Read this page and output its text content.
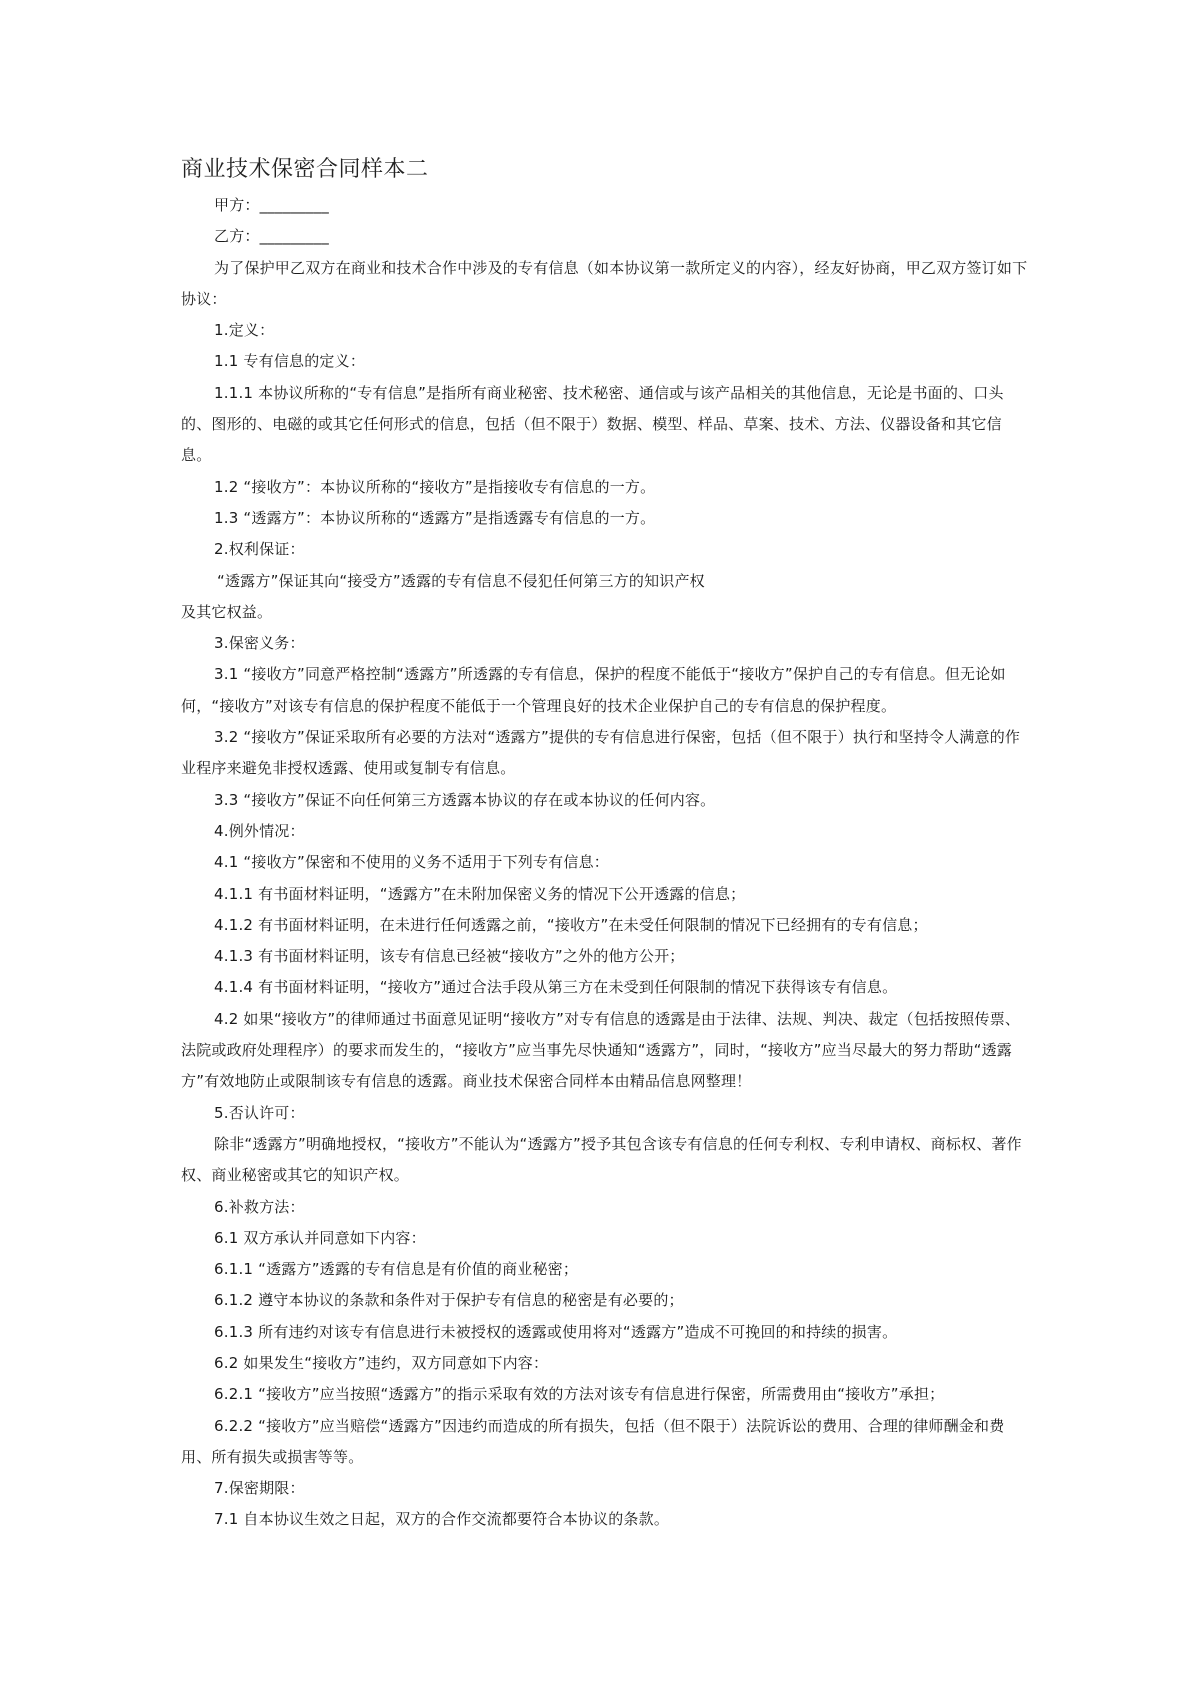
商业技术保密合同样本二

甲方：_________

乙方：_________

为了保护甲乙双方在商业和技术合作中涉及的专有信息（如本协议第一款所定义的内容），经友好协商，甲乙双方签订如下协议：

1.定义：

1.1 专有信息的定义：

1.1.1 本协议所称的“专有信息”是指所有商业秘密、技术秘密、通信或与该产品相关的其他信息，无论是书面的、口头的、图形的、电磁的或其它任何形式的信息，包括（但不限于）数据、模型、样品、草案、技术、方法、仪器设备和其它信息。

1.2 “接收方”：本协议所称的“接收方”是指接收专有信息的一方。

1.3 “透露方”：本协议所称的“透露方”是指透露专有信息的一方。

2.权利保证：

“透露方”保证其向“接受方”透露的专有信息不侵犯任何第三方的知识产权

及其它权益。

3.保密义务：

3.1 “接收方”同意严格控制“透露方”所透露的专有信息，保护的程度不能低于“接收方”保护自己的专有信息。但无论如何，“接收方”对该专有信息的保护程度不能低于一个管理良好的技术企业保护自己的专有信息的保护程度。

3.2 “接收方”保证采取所有必要的方法对“透露方”提供的专有信息进行保密，包括（但不限于）执行和坚持令人满意的作业程序来避免非授权透露、使用或复制专有信息。

3.3 “接收方”保证不向任何第三方透露本协议的存在或本协议的任何内容。

4.例外情况：

4.1 “接收方”保密和不使用的义务不适用于下列专有信息：

4.1.1 有书面材料证明，“透露方”在未附加保密义务的情况下公开透露的信息；

4.1.2 有书面材料证明，在未进行任何透露之前，“接收方”在未受任何限制的情况下已经拥有的专有信息；

4.1.3 有书面材料证明，该专有信息已经被“接收方”之外的他方公开；

4.1.4 有书面材料证明，“接收方”通过合法手段从第三方在未受到任何限制的情况下获得该专有信息。

4.2 如果“接收方”的律师通过书面意见证明“接收方”对专有信息的透露是由于法律、法规、判决、裁定（包括按照传票、法院或政府处理程序）的要求而发生的，“接收方”应当事先尽快通知“透露方”，同时，“接收方”应当尽最大的努力帮助“透露方”有效地防止或限制该专有信息的透露。商业技术保密合同样本由精品信息网整理！

5.否认许可：

除非“透露方”明确地授权，“接收方”不能认为“透露方”授予其包含该专有信息的任何专利权、专利申请权、商标权、著作权、商业秘密或其它的知识产权。

6.补救方法：

6.1 双方承认并同意如下内容：

6.1.1 “透露方”透露的专有信息是有价值的商业秘密；

6.1.2 遵守本协议的条款和条件对于保护专有信息的秘密是有必要的；

6.1.3 所有违约对该专有信息进行未被授权的透露或使用将对“透露方”造成不可挽回的和持续的损害。

6.2 如果发生“接收方”违约，双方同意如下内容：

6.2.1 “接收方”应当按照“透露方”的指示采取有效的方法对该专有信息进行保密，所需费用由“接收方”承担；

6.2.2 “接收方”应当赔偿“透露方”因违约而造成的所有损失，包括（但不限于）法院诉讼的费用、合理的律师酬金和费用、所有损失或损害等等。

7.保密期限：

7.1 自本协议生效之日起，双方的合作交流都要符合本协议的条款。
